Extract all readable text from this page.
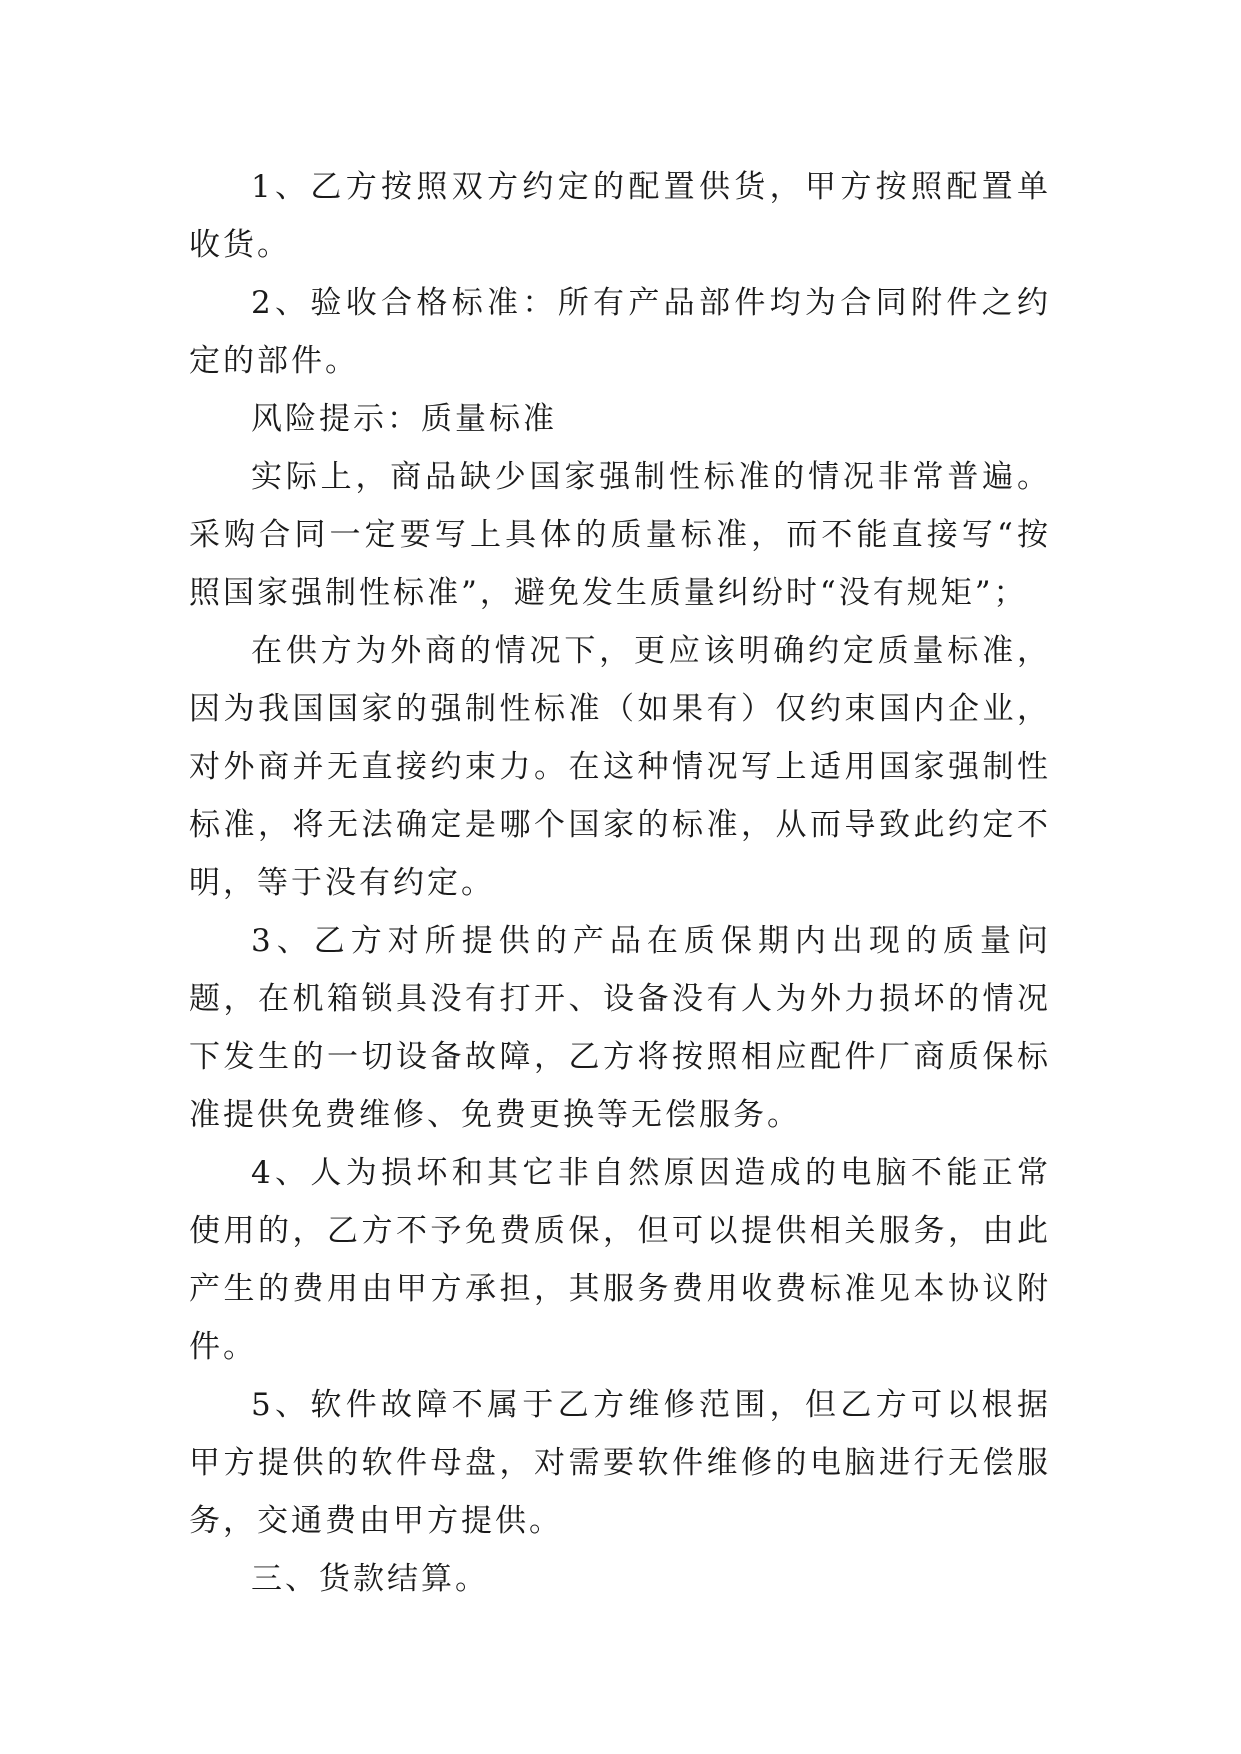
1、乙方按照双方约定的配置供货，甲方按照配置单收货。

2、验收合格标准：所有产品部件均为合同附件之约定的部件。

风险提示：质量标准

实际上，商品缺少国家强制性标准的情况非常普遍。采购合同一定要写上具体的质量标准，而不能直接写“按照国家强制性标准”，避免发生质量纠纷时“没有规矩”；

在供方为外商的情况下，更应该明确约定质量标准，因为我国国家的强制性标准（如果有）仅约束国内企业，对外商并无直接约束力。在这种情况写上适用国家强制性标准，将无法确定是哪个国家的标准，从而导致此约定不明，等于没有约定。

3、乙方对所提供的产品在质保期内出现的质量问题，在机箱锁具没有打开、设备没有人为外力损坏的情况下发生的一切设备故障，乙方将按照相应配件厂商质保标准提供免费维修、免费更换等无偿服务。

4、人为损坏和其它非自然原因造成的电脑不能正常使用的，乙方不予免费质保，但可以提供相关服务，由此产生的费用由甲方承担，其服务费用收费标准见本协议附件。

5、软件故障不属于乙方维修范围，但乙方可以根据甲方提供的软件母盘，对需要软件维修的电脑进行无偿服务，交通费由甲方提供。

三、货款结算。
